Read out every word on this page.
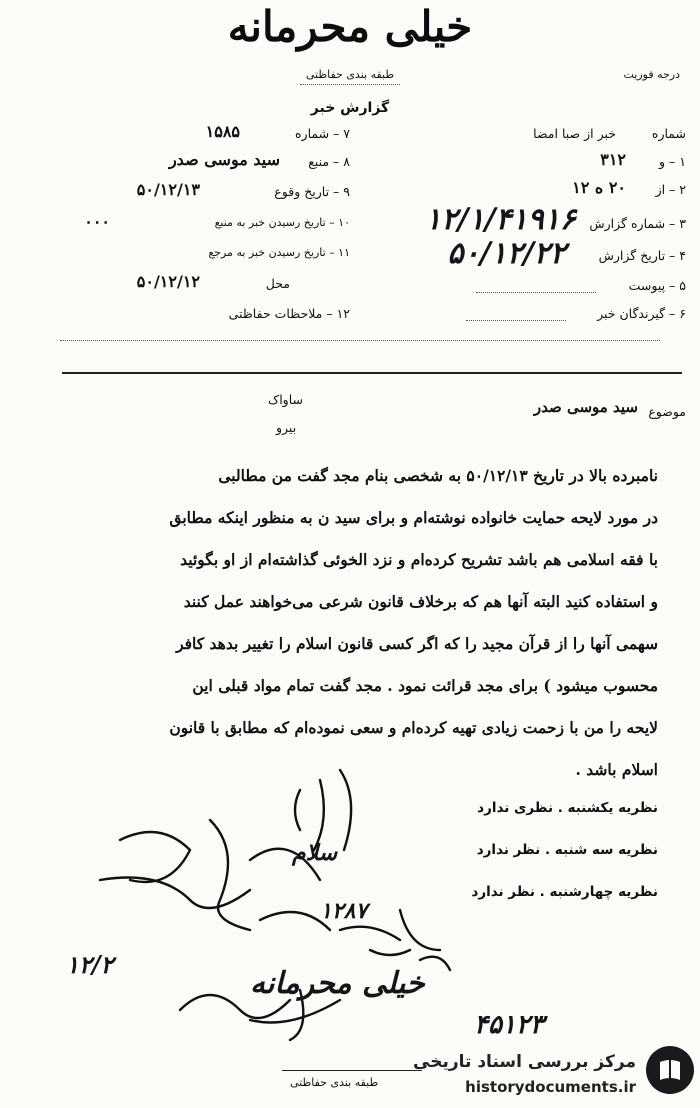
خیلی محرمانه
طبقه بندی حفاظتی	درجه فوریت
گزارش خبر
شماره
خبر از صبا امضا
۱ – و
۳۱۲
۲ – از
۲۰ ه ۱۲
۳ – شماره گزارش
۱۲/۱/۴۱۹۱۶
۴ – تاریخ گزارش
۵۰/۱۲/۲۲
۵ – پیوست
۶ – گیرندگان خبر
۷ – شماره
۱۵۸۵
۸ – منبع
سید موسی صدر
۹ – تاریخ وقوع
۵۰/۱۲/۱۳
۱۰ – تاریخ رسیدن خبر به منبع
۰۰۰
۱۱ – تاریخ رسیدن خبر به مرجع
محل
۵۰/۱۲/۱۲
۱۲ – ملاحظات حفاظتی
ساواک
بیرو
موضوع
سید موسی صدر
نامبرده بالا در تاریخ ۵۰/۱۲/۱۳ به شخصی بنام مجد گفت من مطالبی
در مورد لایحه حمایت خانواده نوشته‌ام و برای سید ن به منظور اینکه مطابق
با فقه اسلامی هم باشد تشریح کرده‌ام و نزد الخوئی گذاشته‌ام از او بگوئید
و استفاده کنید البته آنها هم که برخلاف قانون شرعی می‌خواهند عمل کنند
سهمی آنها را از قرآن مجید را که اگر کسی قانون اسلام را تغییر بدهد کافر
محسوب میشود ) برای مجد قرائت نمود . مجد گفت تمام مواد قبلی این
لایحه را من با زحمت زیادی تهیه کرده‌ام و سعی نموده‌ام که مطابق با قانون
اسلام باشد .
نظریه یکشنبه . نظری ندارد
نظریه سه شنبه . نظر ندارد
نظریه چهارشنبه . نظر ندارد
سلام
۱۲۸۷
۱۲/۲
خیلی محرمانه
۴۵۱۲۳
طبقه بندی حفاظتی
مرکز بررسی اسناد تاریخی
historydocuments.ir
